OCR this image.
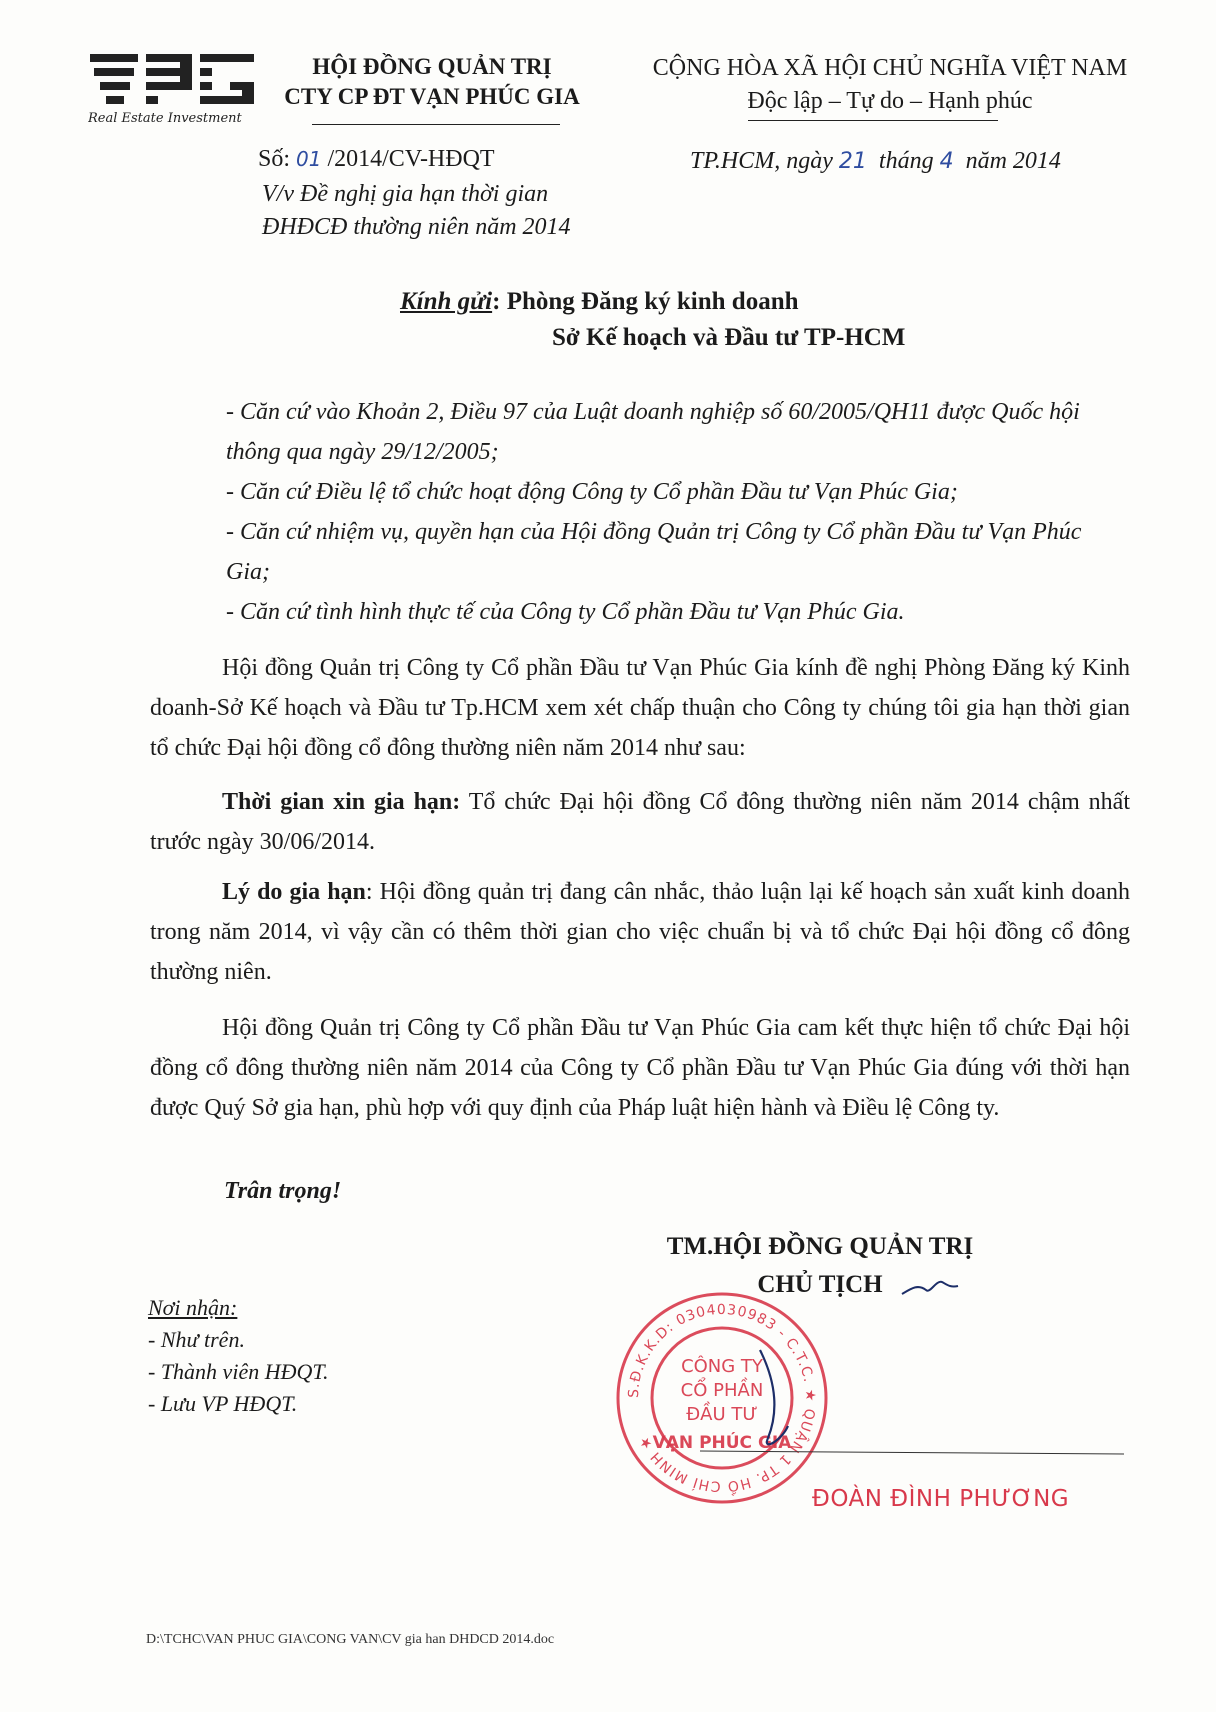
Real Estate Investment
HỘI ĐỒNG QUẢN TRỊ
CTY CP ĐT VẠN PHÚC GIA
CỘNG HÒA XÃ HỘI CHỦ NGHĨA VIỆT NAM
Độc lập – Tự do – Hạnh phúc
Số: 01 /2014/CV-HĐQT	TP.HCM, ngày 21 tháng 4 năm 2014
V/v Đề nghị gia hạn thời gian
ĐHĐCĐ thường niên năm 2014
Kính gửi: Phòng Đăng ký kinh doanh
Sở Kế hoạch và Đầu tư TP-HCM

- Căn cứ vào Khoản 2, Điều 97 của Luật doanh nghiệp số 60/2005/QH11 được Quốc hội thông qua ngày 29/12/2005;

- Căn cứ Điều lệ tổ chức hoạt động Công ty Cổ phần Đầu tư Vạn Phúc Gia;

- Căn cứ nhiệm vụ, quyền hạn của Hội đồng Quản trị Công ty Cổ phần Đầu tư Vạn Phúc Gia;

- Căn cứ tình hình thực tế của Công ty Cổ phần Đầu tư Vạn Phúc Gia.

Hội đồng Quản trị Công ty Cổ phần Đầu tư Vạn Phúc Gia kính đề nghị Phòng Đăng ký Kinh doanh-Sở Kế hoạch và Đầu tư Tp.HCM xem xét chấp thuận cho Công ty chúng tôi gia hạn thời gian tổ chức Đại hội đồng cổ đông thường niên năm 2014 như sau:

Thời gian xin gia hạn: Tổ chức Đại hội đồng Cổ đông thường niên năm 2014 chậm nhất trước ngày 30/06/2014.

Lý do gia hạn: Hội đồng quản trị đang cân nhắc, thảo luận lại kế hoạch sản xuất kinh doanh trong năm 2014, vì vậy cần có thêm thời gian cho việc chuẩn bị và tổ chức Đại hội đồng cổ đông thường niên.

Hội đồng Quản trị Công ty Cổ phần Đầu tư Vạn Phúc Gia cam kết thực hiện tổ chức Đại hội đồng cổ đông thường niên năm 2014 của Công ty Cổ phần Đầu tư Vạn Phúc Gia đúng với thời hạn được Quý Sở gia hạn, phù hợp với quy định của Pháp luật hiện hành và Điều lệ Công ty.

Trân trọng!
TM.HỘI ĐỒNG QUẢN TRỊ
CHỦ TỊCH
Nơi nhận:
- Như trên.
- Thành viên HĐQT.
- Lưu VP HĐQT.	S.Đ.K.K.D: 0304030983 - C.T.C. ★ QUẬN 1 TP. HỒ CHÍ MINH ★
CÔNG TY
CỔ PHẦN
ĐẦU TƯ
VẠN PHÚC GIA
ĐOÀN ĐÌNH PHƯƠNG
D:\TCHC\VAN PHUC GIA\CONG VAN\CV gia han DHDCD 2014.doc
